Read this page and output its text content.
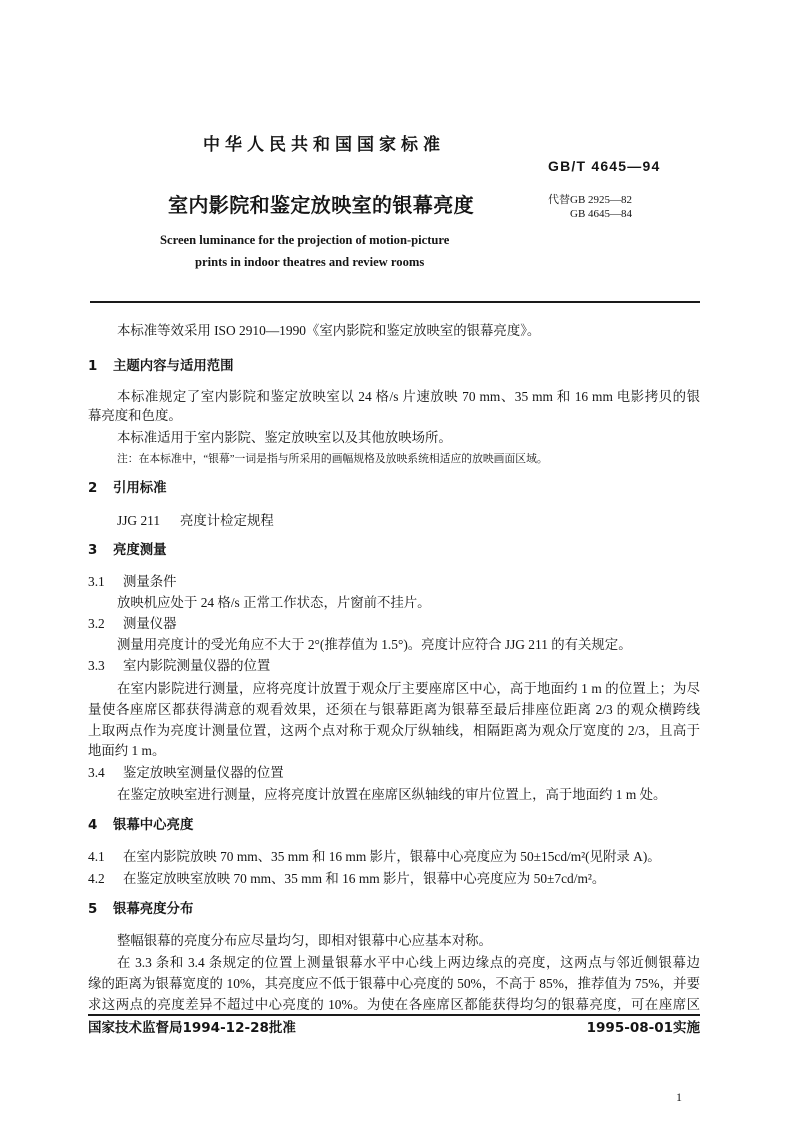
中华人民共和国国家标准
GB/T 4645—94
室内影院和鉴定放映室的银幕亮度	代替 GB 2925—82
GB 4645—84
Screen luminance for the projection of motion-picture
prints in indoor theatres and review rooms
本标准等效采用 ISO 2910—1990《室内影院和鉴定放映室的银幕亮度》。
1 主题内容与适用范围
本标准规定了室内影院和鉴定放映室以 24 格/s 片速放映 70 mm、35 mm 和 16 mm 电影拷贝的银
幕亮度和色度。
本标准适用于室内影院、鉴定放映室以及其他放映场所。
注：在本标准中，“银幕”一词是指与所采用的画幅规格及放映系统相适应的放映画面区域。
2 引用标准
JJG 211 亮度计检定规程
3 亮度测量
3.1 测量条件
放映机应处于 24 格/s 正常工作状态，片窗前不挂片。
3.2 测量仪器
测量用亮度计的受光角应不大于 2°(推荐值为 1.5°)。亮度计应符合 JJG 211 的有关规定。
3.3 室内影院测量仪器的位置
在室内影院进行测量，应将亮度计放置于观众厅主要座席区中心，高于地面约 1 m 的位置上；为尽
量使各座席区都获得满意的观看效果，还须在与银幕距离为银幕至最后排座位距离 2/3 的观众横跨线
上取两点作为亮度计测量位置，这两个点对称于观众厅纵轴线，相隔距离为观众厅宽度的 2/3，且高于
地面约 1 m。
3.4 鉴定放映室测量仪器的位置
在鉴定放映室进行测量，应将亮度计放置在座席区纵轴线的审片位置上，高于地面约 1 m 处。
4 银幕中心亮度
4.1 在室内影院放映 70 mm、35 mm 和 16 mm 影片，银幕中心亮度应为 50±15cd/m²(见附录 A)。
4.2 在鉴定放映室放映 70 mm、35 mm 和 16 mm 影片，银幕中心亮度应为 50±7cd/m²。
5 银幕亮度分布
整幅银幕的亮度分布应尽量均匀，即相对银幕中心应基本对称。
在 3.3 条和 3.4 条规定的位置上测量银幕水平中心线上两边缘点的亮度，这两点与邻近侧银幕边
缘的距离为银幕宽度的 10%，其亮度应不低于银幕中心亮度的 50%，不高于 85%，推荐值为 75%，并要
求这两点的亮度差异不超过中心亮度的 10%。为使在各座席区都能获得均匀的银幕亮度，可在座席区
国家技术监督局1994-12-28批准	1995-08-01实施
1
